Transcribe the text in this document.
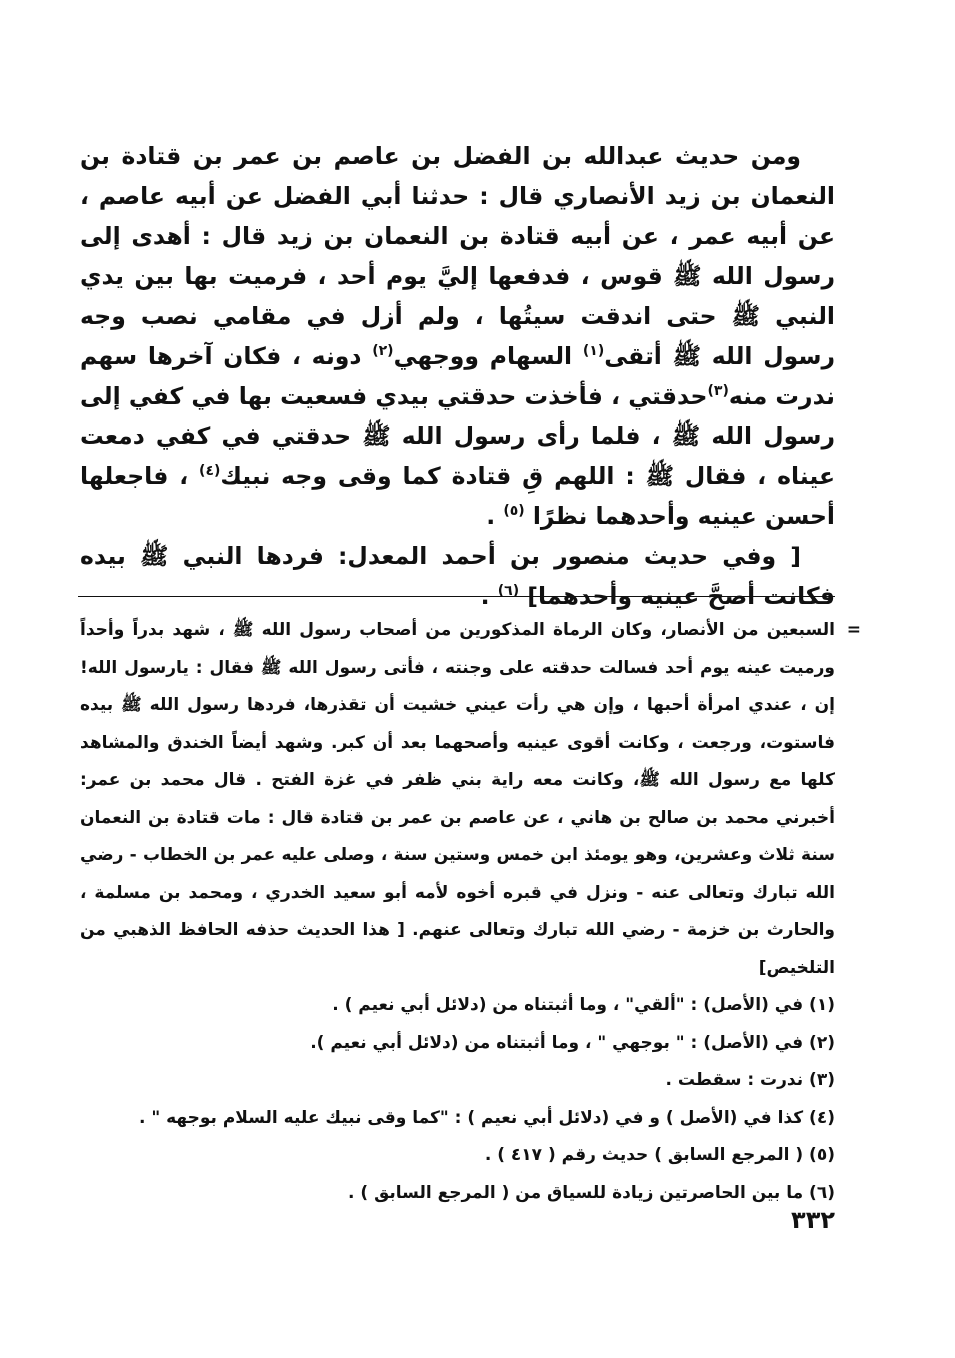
ومن حديث عبدالله بن الفضل بن عاصم بن عمر بن قتادة بن النعمان بن زيد الأنصاري قال : حدثنا أبي الفضل عن أبيه عاصم ، عن أبيه عمر ، عن أبيه قتادة بن النعمان بن زيد قال : أهدى إلى رسول الله ﷺ قوس ، فدفعها إليَّ يوم أحد ، فرميت بها بين يدي النبي ﷺ حتى اندقت سيتُها ، ولم أزل في مقامي نصب وجه رسول الله ﷺ أتقى$^{(١)}$ السهام ووجهي$^{(٢)}$ دونه ، فكان آخرها سهم ندرت منه$^{(٣)}$حدقتي ، فأخذت حدقتي بيدي فسعيت بها في كفي إلى رسول الله ﷺ ، فلما رأى رسول الله ﷺ حدقتي في كفي دمعت عيناه ، فقال ﷺ : اللهم قِ قتادة كما وقى وجه نبيك$^{(٤)}$ ، فاجعلها أحسن عينيه وأحدهما نظرًا $^{(٥)}$ .

[ وفي حديث منصور بن أحمد المعدل: فردها النبي ﷺ بيده فكانت أصحَّ عينيه وأحدهما] $^{(٦)}$ .

=
السبعين من الأنصار، وكان الرماة المذكورين من أصحاب رسول الله ﷺ ، شهد بدراً وأحداً ورميت عينه يوم أحد فسالت حدقته على وجنته ، فأتى رسول الله ﷺ فقال : يارسول الله! إن ، عندي امرأة أحبها ، وإن هي رأت عيني خشيت أن تقذرها، فردها رسول الله ﷺ بيده فاستوت، ورجعت ، وكانت أقوى عينيه وأصحهما بعد أن كبر. وشهد أيضاً الخندق والمشاهد كلها مع رسول الله ﷺ، وكانت معه راية بني ظفر في غزة الفتح . قال محمد بن عمر: أخبرني محمد بن صالح بن هاني ، عن عاصم بن عمر بن قتادة قال : مات قتادة بن النعمان سنة ثلاث وعشرين، وهو يومئذ ابن خمس وستين سنة ، وصلى عليه عمر بن الخطاب - رضي الله تبارك وتعالى عنه - ونزل في قبره أخوه لأمه أبو سعيد الخدري ، ومحمد بن مسلمة ، والحارث بن خزمة - رضي الله تبارك وتعالى عنهم. [ هذا الحديث حذفه الحافظ الذهبي من التلخيص]

(١) في (الأصل) : "ألقي" ، وما أثبتناه من (دلائل أبي نعيم ) .

(٢) في (الأصل) : " بوجهي " ، وما أثبتناه من (دلائل أبي نعيم ).

(٣) ندرت : سقطت .

(٤) كذا في (الأصل ) و في (دلائل أبي نعيم ) : "كما وقى نبيك عليه السلام بوجهه " .

(٥) ( المرجع السابق ) حديث رقم ( ٤١٧ ) .

(٦) ما بين الحاصرتين زيادة للسياق من ( المرجع السابق ) .

٣٣٢
